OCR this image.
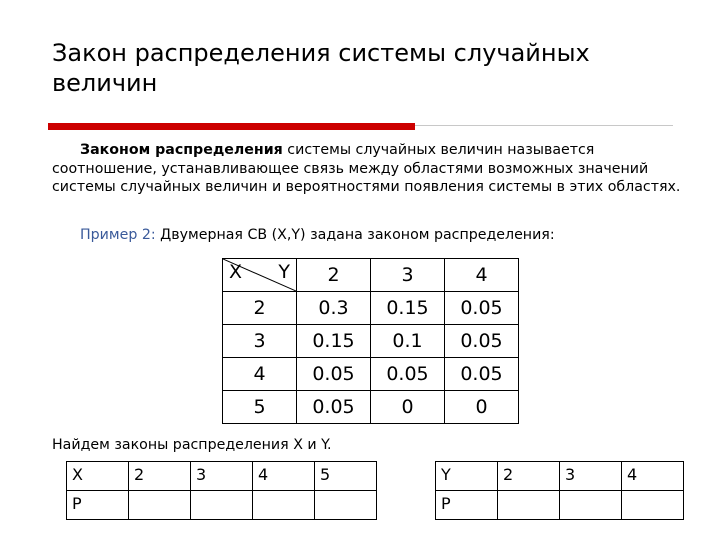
Закон распределения системы случайных величин

Законом распределения системы случайных величин называется соотношение, устанавливающее связь между областями возможных значений системы случайных величин и вероятностями появления системы в этих областях.

Пример 2: Двумерная СВ (X,Y) задана законом распределения:
X Y	2	3	4
2	0.3	0.15	0.05
3	0.15	0.1	0.05
4	0.05	0.05	0.05
5	0.05	0	0
Найдем законы распределения X и Y.
X	2	3	4	5
P				
Y	2	3	4
P			
